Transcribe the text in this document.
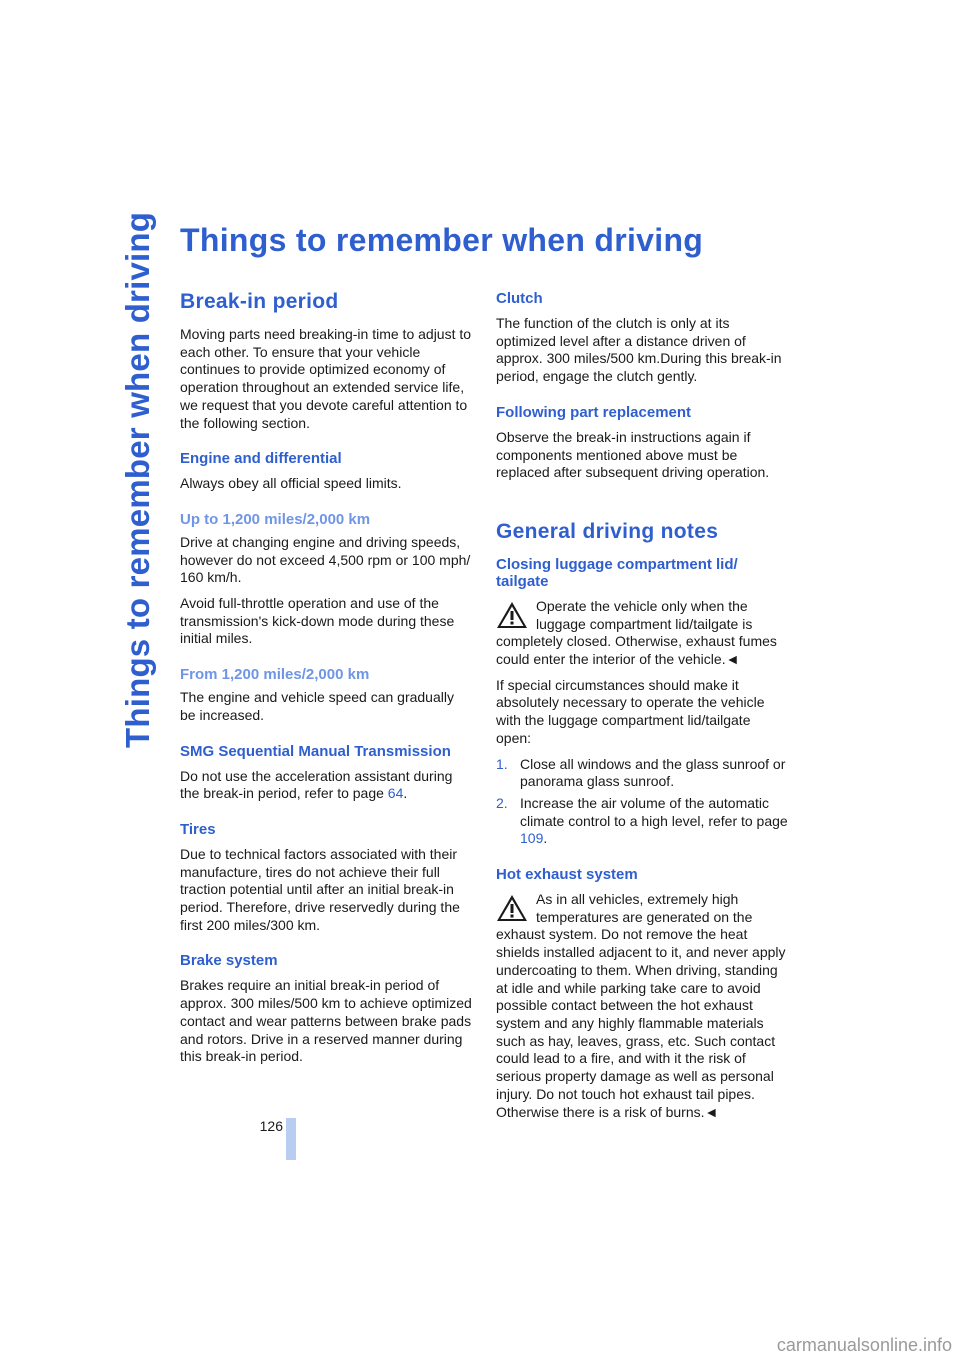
Things to remember when driving Things to remember when driving
Break-in period

Moving parts need breaking-in time to adjust to each other. To ensure that your vehicle continues to provide optimized economy of operation throughout an extended service life, we request that you devote careful attention to the following section.

Engine and differential

Always obey all official speed limits.

Up to 1,200 miles/2,000 km

Drive at changing engine and driving speeds, however do not exceed 4,500 rpm or 100 mph/ 160 km/h.

Avoid full-throttle operation and use of the transmission's kick-down mode during these initial miles.

From 1,200 miles/2,000 km

The engine and vehicle speed can gradually be increased.

SMG Sequential Manual Transmission

Do not use the acceleration assistant during the break-in period, refer to page 64.

Tires

Due to technical factors associated with their manufacture, tires do not achieve their full traction potential until after an initial break-in period. Therefore, drive reservedly during the first 200 miles/300 km.

Brake system

Brakes require an initial break-in period of approx. 300 miles/500 km to achieve optimized contact and wear patterns between brake pads and rotors. Drive in a reserved manner during this break-in period.

Clutch

The function of the clutch is only at its optimized level after a distance driven of approx. 300 miles/500 km.During this break-in period, engage the clutch gently.

Following part replacement

Observe the break-in instructions again if components mentioned above must be replaced after subsequent driving operation.

General driving notes
Closing luggage compartment lid/ tailgate

Operate the vehicle only when the luggage compartment lid/tailgate is completely closed. Otherwise, exhaust fumes could enter the interior of the vehicle.◄

If special circumstances should make it absolutely necessary to operate the vehicle with the luggage compartment lid/tailgate open:

1. Close all windows and the glass sunroof or panorama glass sunroof.
2. Increase the air volume of the automatic climate control to a high level, refer to page 109.
Hot exhaust system

As in all vehicles, extremely high temperatures are generated on the exhaust system. Do not remove the heat shields installed adjacent to it, and never apply undercoating to them. When driving, standing at idle and while parking take care to avoid possible contact between the hot exhaust system and any highly flammable materials such as hay, leaves, grass, etc. Such contact could lead to a fire, and with it the risk of serious property damage as well as personal injury. Do not touch hot exhaust tail pipes. Otherwise there is a risk of burns.◄

126
carmanualsonline.info
